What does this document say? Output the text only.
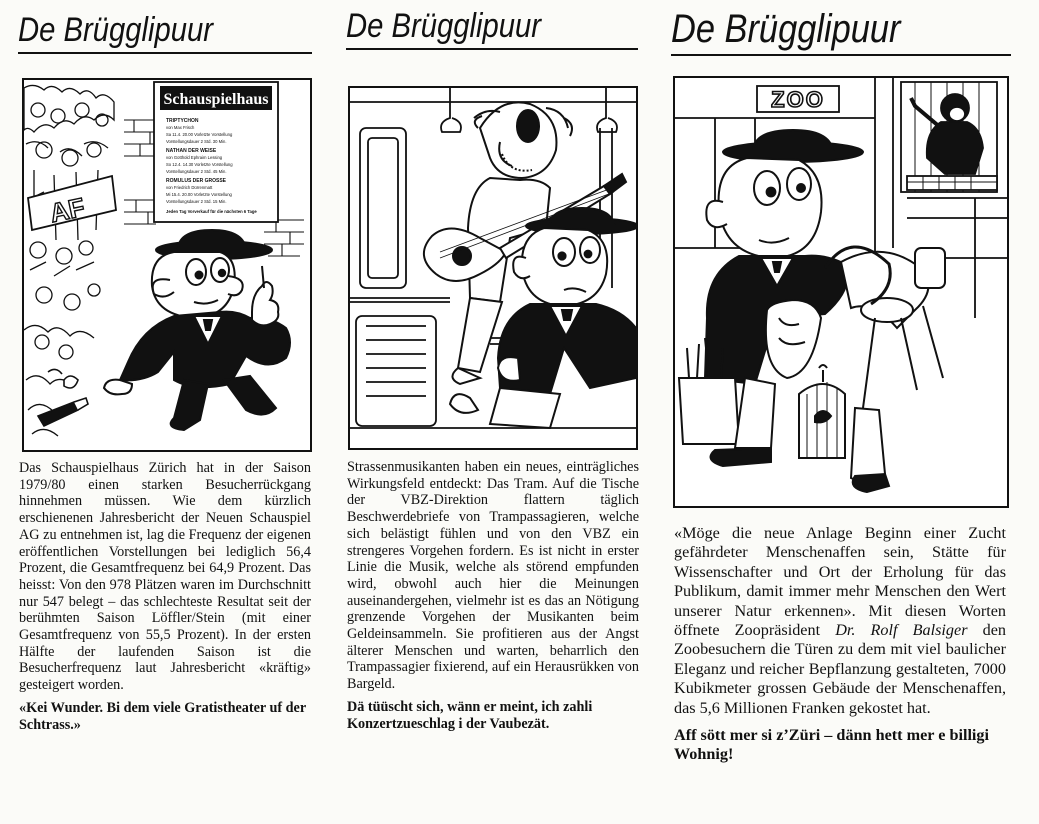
De Brügglipuur
AF
Schauspielhaus
TRIPTYCHON
von Max Frisch
Sa 11.4. 20.00 Vorletzte Vorstellung
Vorstellungsdauer 2 Std. 30 Min.
NATHAN DER WEISE
von Gotthold Ephraim Lessing
So 12.4. 14.30 Vorletzte Vorstellung
Vorstellungsdauer 2 Std. 45 Min.
ROMULUS DER GROSSE
von Friedrich Dürrenmatt
Mi 15.4. 20.00 Vorletzte Vorstellung
Vorstellungsdauer 2 Std. 15 Min.
Jeden Tag Vorverkauf für die nächsten 6 Tage

Das Schauspielhaus Zürich hat in der Saison 1979/80 einen starken Besucherrückgang hinnehmen müssen. Wie dem kürzlich erschienenen Jahresbericht der Neuen Schauspiel AG zu entnehmen ist, lag die Frequenz der eigenen eröffentlichen Vorstellungen bei lediglich 56,4 Prozent, die Gesamtfrequenz bei 64,9 Prozent. Das heisst: Von den 978 Plätzen waren im Durchschnitt nur 547 belegt – das schlechteste Resultat seit der berühmten Saison Löffler/Stein (mit einer Gesamtfrequenz von 55,5 Prozent). In der ersten Hälfte der laufenden Saison ist die Besucherfrequenz laut Jahresbericht «kräftig» gesteigert worden.

«Kei Wunder. Bi dem viele Gratistheater uf der Schtrass.»

De Brügglipuur

Strassenmusikanten haben ein neues, einträgliches Wirkungsfeld entdeckt: Das Tram. Auf die Tische der VBZ-Direktion flattern täglich Beschwerdebriefe von Trampassagieren, welche sich belästigt fühlen und von den VBZ ein strengeres Vorgehen fordern. Es ist nicht in erster Linie die Musik, welche als störend empfunden wird, obwohl auch hier die Meinungen auseinandergehen, vielmehr ist es das an Nötigung grenzende Vorgehen der Musikanten beim Geldeinsammeln. Sie profitieren aus der Angst älterer Menschen und warten, beharrlich den Trampassagier fixierend, auf ein Herausrükken von Bargeld.

Dä tüüscht sich, wänn er meint, ich zahli Konzertzueschlag i der Vaubezät.

De Brügglipuur
ZOO

«Möge die neue Anlage Beginn einer Zucht gefährdeter Menschenaffen sein, Stätte für Wissenschafter und Ort der Erholung für das Publikum, damit immer mehr Menschen den Wert unserer Natur erkennen». Mit diesen Worten öffnete Zoopräsident Dr. Rolf Balsiger den Zoobesuchern die Türen zu dem mit viel baulicher Eleganz und reicher Bepflanzung gestalteten, 7000 Kubikmeter grossen Gebäude der Menschenaffen, das 5,6 Millionen Franken gekostet hat.

Aff sött mer si z’Züri – dänn hett mer e billigi Wohnig!
